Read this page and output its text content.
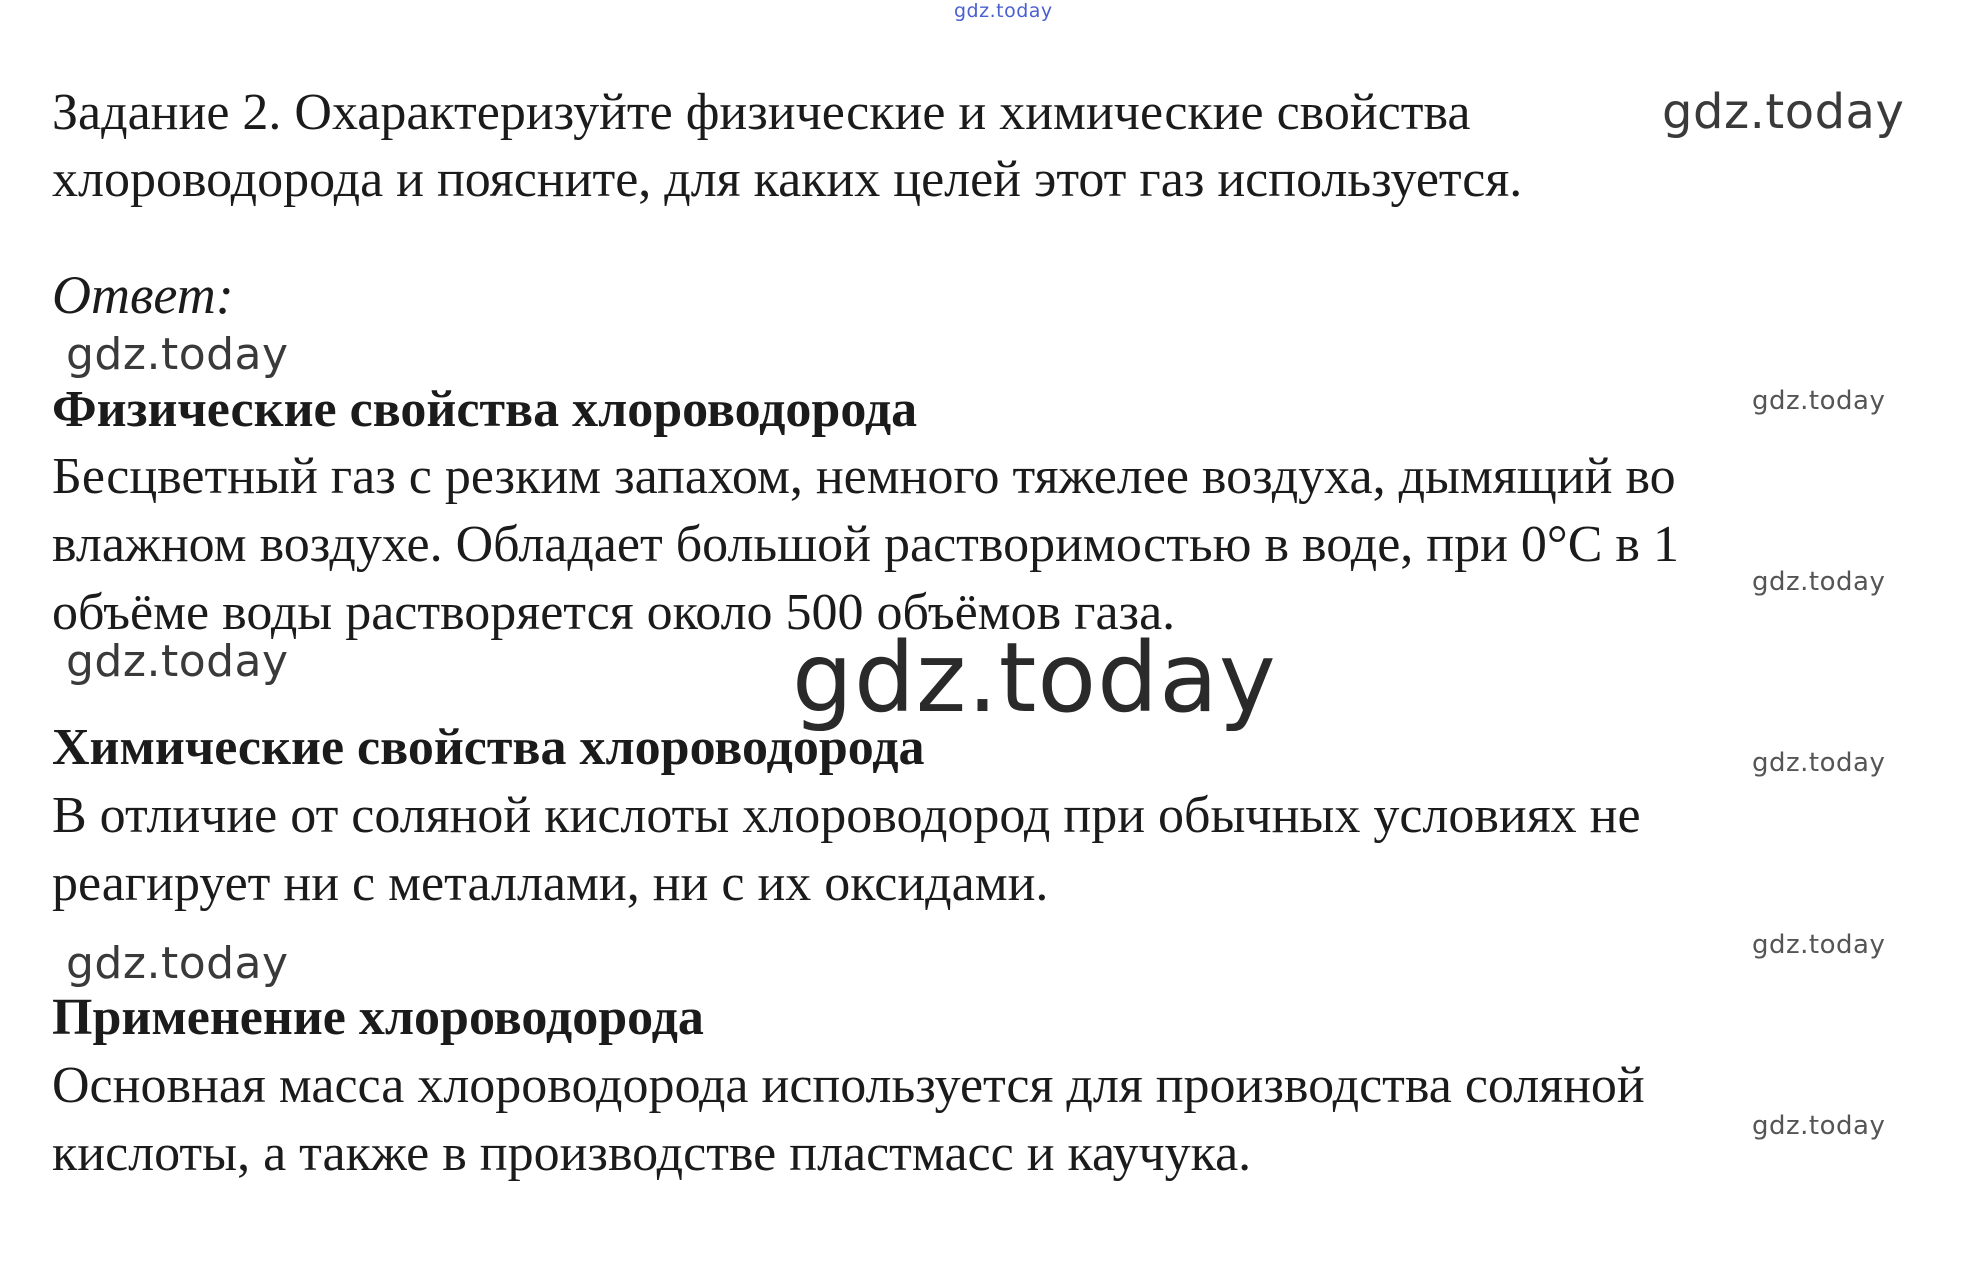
gdz.today
gdz.today
gdz.today
gdz.today
gdz.today
gdz.today	gdz.today
gdz.today
gdz.today
gdz.today
gdz.today
Задание 2. Охарактеризуйте физические и химические свойства
хлороводорода и поясните, для каких целей этот газ используется.
Ответ:
Физические свойства хлороводорода
Бесцветный газ с резким запахом, немного тяжелее воздуха, дымящий во
влажном воздухе. Обладает большой растворимостью в воде, при 0°С в 1
объёме воды растворяется около 500 объёмов газа.
Химические свойства хлороводорода
В отличие от соляной кислоты хлороводород при обычных условиях не
реагирует ни с металлами, ни с их оксидами.
Применение хлороводорода
Основная масса хлороводорода используется для производства соляной
кислоты, а также в производстве пластмасс и каучука.
